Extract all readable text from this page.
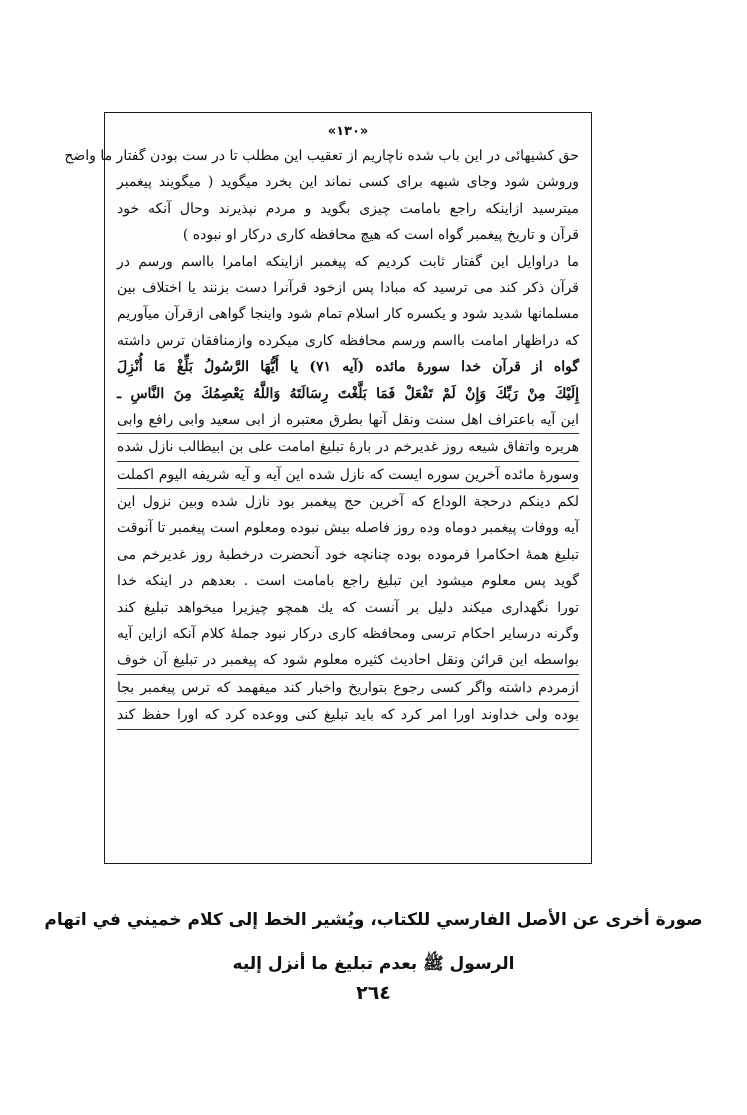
«۱۳۰»
حق کشیهائی در این باب شده ناچاریم از تعقیب این مطلب تا در ست بودن گفتار ما واضح
وروشن شود وجای شبهه برای کسی نماند این یخرد میگوید ( میگویند پیغمبر
میترسید ازاینکه راجع بامامت چیزی بگوید و مردم نپذیرند وحال آنکه خود
قرآن و تاریخ پیغمبر گواه است که هیچ محافظه کاری درکار او نبوده )
ما دراوایل این گفتار ثابت کردیم که پیغمبر ازاینکه امامرا بااسم ورسم در
قرآن ذکر کند می ترسید که مبادا پس ازخود قرآنرا دست بزنند یا اختلاف بین
مسلمانها شدید شود و یکسره کار اسلام تمام شود واینجا گواهی ازقرآن میآوریم
که دراظهار امامت بااسم ورسم محافظه کاری میکرده وازمنافقان ترس داشته
گواه از قرآن خدا سورهٔ مائده (آیه ۷۱) یا أَیُّهَا الرَّسُولُ بَلِّغْ مَا أُنْزِلَ
إِلَیْكَ مِنْ رَبِّكَ وَإِنْ لَمْ تَفْعَلْ فَمَا بَلَّغْتَ رِسَالَتَهُ وَاللَّهُ یَعْصِمُكَ مِنَ النَّاسِ ـ
این آیه باعتراف اهل سنت ونقل آنها بطرق معتبره از ابی سعید وابی رافع وابی
هریره واتفاق شیعه روز غدیرخم در بارهٔ تبلیغ امامت علی بن ابیطالب نازل شده
وسورهٔ مائده آخرین سوره ایست که نازل شده این آیه و آیه شریفه الیوم اکملت
لکم دینکم درحجة الوداع که آخرین حج پیغمبر بود نازل شده وبین نزول این
آیه ووفات پیغمبر دوماه وده روز فاصله بیش نبوده ومعلوم است پیغمبر تا آنوقت
تبلیغ همهٔ احکامرا فرموده بوده چنانچه خود آنحضرت درخطبهٔ روز غدیرخم می
گوید پس معلوم میشود این تبلیغ راجع بامامت است . بعدهم در اینکه خدا
تورا نگهداری میکند دلیل بر آنست که یك همچو چیزیرا میخواهد تبلیغ کند
وگرنه درسایر احکام ترسی ومحافظه کاری درکار نبود جملهٔ کلام آنکه ازاین آیه
بواسطه این قرائن ونقل احادیث کثیره معلوم شود که پیغمبر در تبلیغ آن خوف
ازمردم داشته واگر کسی رجوع بتواریخ واخبار کند میفهمد که ترس پیغمبر بجا
بوده ولی خداوند اورا امر کرد که باید تبلیغ کنی ووعده کرد که اورا حفظ کند
صورة أخرى عن الأصل الفارسي للكتاب، ويُشير الخط إلى كلام خميني في اتهام
الرسول ﷺ بعدم تبليغ ما أنزل إليه
٢٦٤
